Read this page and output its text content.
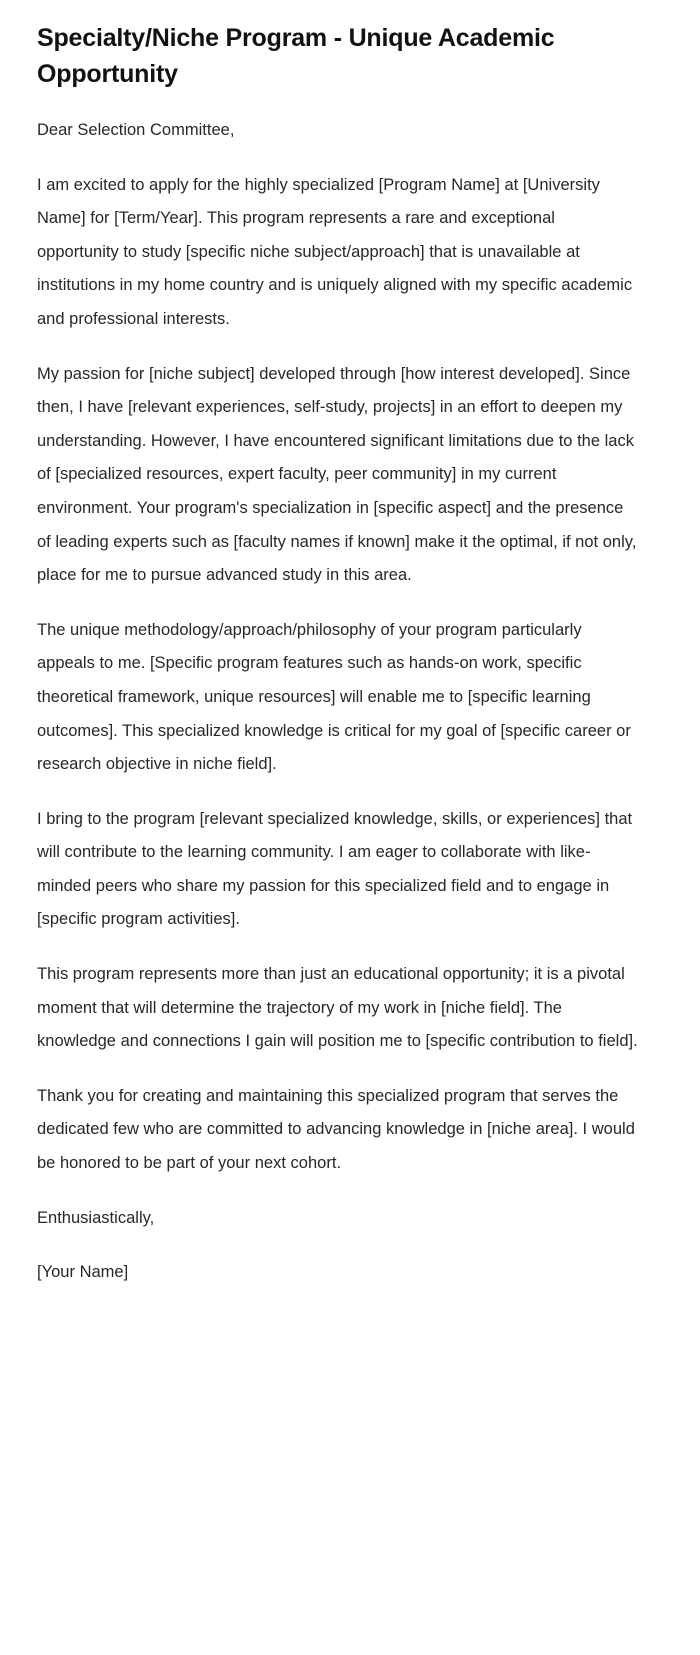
Specialty/Niche Program - Unique Academic Opportunity

Dear Selection Committee,

I am excited to apply for the highly specialized [Program Name] at [University Name] for [Term/Year]. This program represents a rare and exceptional opportunity to study [specific niche subject/approach] that is unavailable at institutions in my home country and is uniquely aligned with my specific academic and professional interests.

My passion for [niche subject] developed through [how interest developed]. Since then, I have [relevant experiences, self-study, projects] in an effort to deepen my understanding. However, I have encountered significant limitations due to the lack of [specialized resources, expert faculty, peer community] in my current environment. Your program's specialization in [specific aspect] and the presence of leading experts such as [faculty names if known] make it the optimal, if not only, place for me to pursue advanced study in this area.

The unique methodology/approach/philosophy of your program particularly appeals to me. [Specific program features such as hands-on work, specific theoretical framework, unique resources] will enable me to [specific learning outcomes]. This specialized knowledge is critical for my goal of [specific career or research objective in niche field].

I bring to the program [relevant specialized knowledge, skills, or experiences] that will contribute to the learning community. I am eager to collaborate with like-minded peers who share my passion for this specialized field and to engage in [specific program activities].

This program represents more than just an educational opportunity; it is a pivotal moment that will determine the trajectory of my work in [niche field]. The knowledge and connections I gain will position me to [specific contribution to field].

Thank you for creating and maintaining this specialized program that serves the dedicated few who are committed to advancing knowledge in [niche area]. I would be honored to be part of your next cohort.

Enthusiastically,

[Your Name]
